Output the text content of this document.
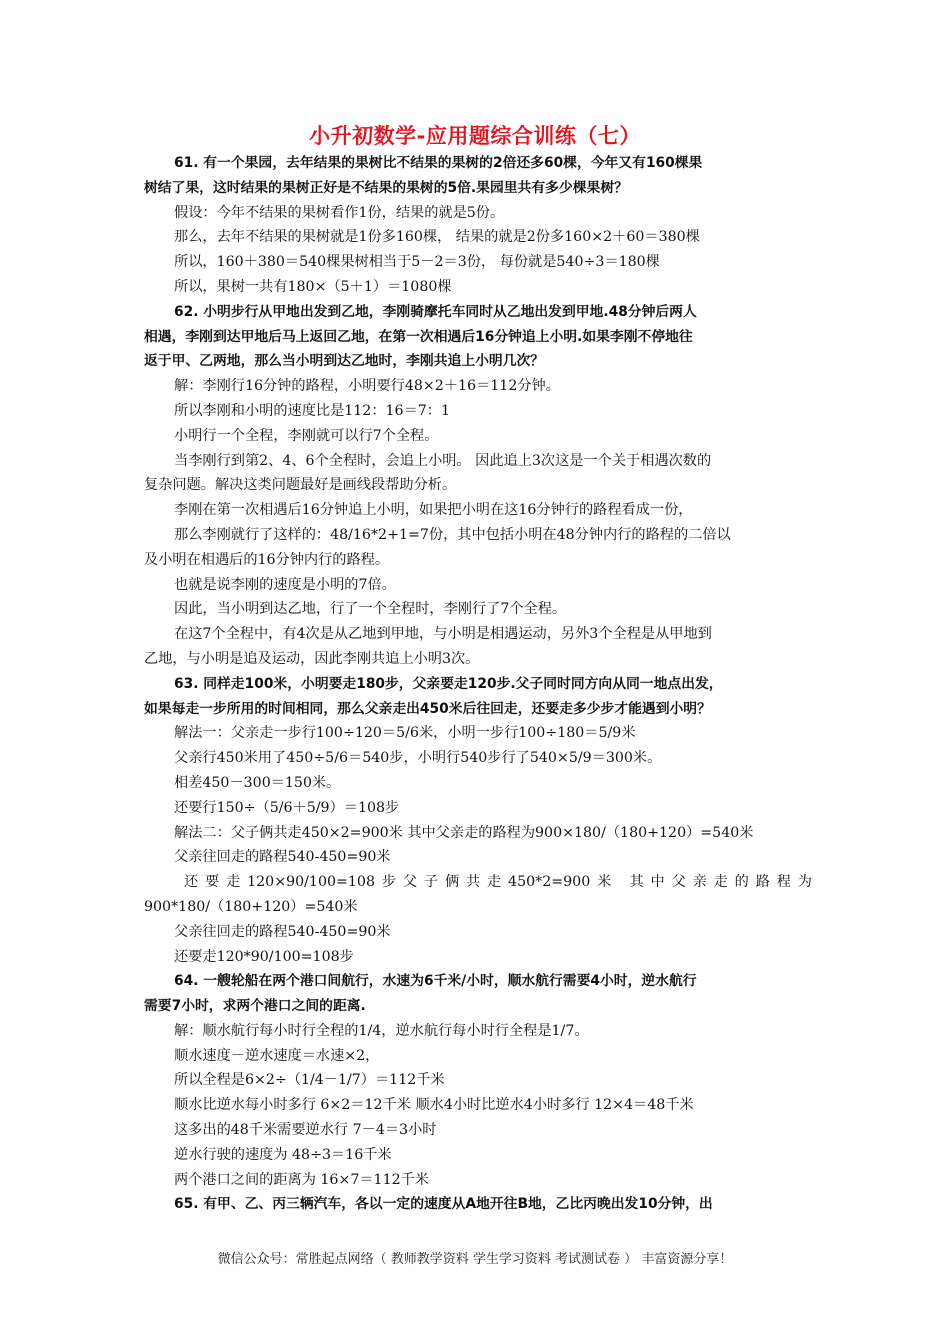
小升初数学-应用题综合训练（七）
61. 有一个果园，去年结果的果树比不结果的果树的2倍还多60棵，今年又有160棵果
树结了果，这时结果的果树正好是不结果的果树的5倍.果园里共有多少棵果树？
假设：今年不结果的果树看作1份，结果的就是5份。
那么，去年不结果的果树就是1份多160棵， 结果的就是2份多160×2＋60＝380棵
所以，160＋380＝540棵果树相当于5－2＝3份， 每份就是540÷3＝180棵
所以，果树一共有180×（5＋1）＝1080棵
62. 小明步行从甲地出发到乙地，李刚骑摩托车同时从乙地出发到甲地.48分钟后两人
相遇，李刚到达甲地后马上返回乙地，在第一次相遇后16分钟追上小明.如果李刚不停地往
返于甲、乙两地，那么当小明到达乙地时，李刚共追上小明几次？
解：李刚行16分钟的路程，小明要行48×2＋16＝112分钟。
所以李刚和小明的速度比是112：16＝7：1
小明行一个全程，李刚就可以行7个全程。
当李刚行到第2、4、6个全程时，会追上小明。 因此追上3次这是一个关于相遇次数的
复杂问题。解决这类问题最好是画线段帮助分析。
李刚在第一次相遇后16分钟追上小明，如果把小明在这16分钟行的路程看成一份，
那么李刚就行了这样的：48/16*2+1=7份，其中包括小明在48分钟内行的路程的二倍以
及小明在相遇后的16分钟内行的路程。
也就是说李刚的速度是小明的7倍。
因此，当小明到达乙地，行了一个全程时，李刚行了7个全程。
在这7个全程中，有4次是从乙地到甲地，与小明是相遇运动，另外3个全程是从甲地到
乙地，与小明是追及运动，因此李刚共追上小明3次。
63. 同样走100米，小明要走180步，父亲要走120步.父子同时同方向从同一地点出发，
如果每走一步所用的时间相同，那么父亲走出450米后往回走，还要走多少步才能遇到小明？
解法一：父亲走一步行100÷120＝5/6米，小明一步行100÷180＝5/9米
父亲行450米用了450÷5/6＝540步，小明行540步行了540×5/9＝300米。
相差450－300＝150米。
还要行150÷（5/6＋5/9）＝108步
解法二：父子俩共走450×2=900米 其中父亲走的路程为900×180/（180+120）=540米
父亲往回走的路程540-450=90米
还要走120×90/100=108步父子俩共走450*2=900米 其中父亲走的路程为
900*180/（180+120）=540米
父亲往回走的路程540-450=90米
还要走120*90/100=108步
64. 一艘轮船在两个港口间航行，水速为6千米/小时，顺水航行需要4小时，逆水航行
需要7小时，求两个港口之间的距离.
解：顺水航行每小时行全程的1/4，逆水航行每小时行全程是1/7。
顺水速度－逆水速度＝水速×2，
所以全程是6×2÷（1/4－1/7）＝112千米
顺水比逆水每小时多行 6×2＝12千米 顺水4小时比逆水4小时多行 12×4＝48千米
这多出的48千米需要逆水行 7－4＝3小时
逆水行驶的速度为 48÷3＝16千米
两个港口之间的距离为 16×7＝112千米
65. 有甲、乙、丙三辆汽车，各以一定的速度从A地开往B地，乙比丙晚出发10分钟，出
微信公众号：常胜起点网络（ 教师教学资料 学生学习资料 考试测试卷 ） 丰富资源分享！
